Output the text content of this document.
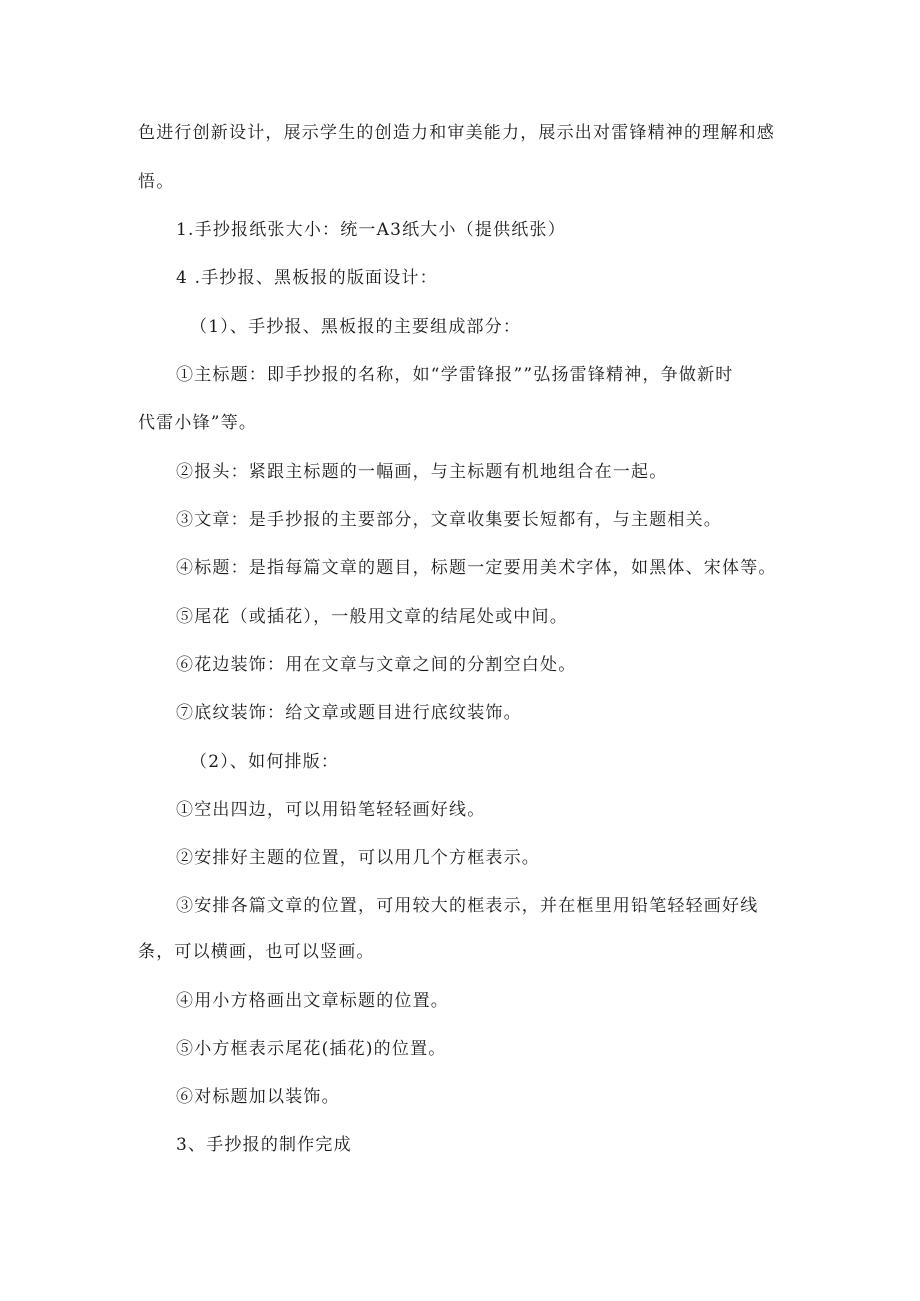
色进行创新设计，展示学生的创造力和审美能力，展示出对雷锋精神的理解和感
悟。
1.手抄报纸张大小：统一A3纸大小（提供纸张）
4 .手抄报、黑板报的版面设计：
（1）、手抄报、黑板报的主要组成部分：
①主标题：即手抄报的名称，如“学雷锋报””弘扬雷锋精神，争做新时
代雷小锋”等。
②报头：紧跟主标题的一幅画，与主标题有机地组合在一起。
③文章：是手抄报的主要部分，文章收集要长短都有，与主题相关。
④标题：是指每篇文章的题目，标题一定要用美术字体，如黑体、宋体等。
⑤尾花（或插花），一般用文章的结尾处或中间。
⑥花边装饰：用在文章与文章之间的分割空白处。
⑦底纹装饰：给文章或题目进行底纹装饰。
（2）、如何排版：
①空出四边，可以用铅笔轻轻画好线。
②安排好主题的位置，可以用几个方框表示。
③安排各篇文章的位置，可用较大的框表示，并在框里用铅笔轻轻画好线
条，可以横画，也可以竖画。
④用小方格画出文章标题的位置。
⑤小方框表示尾花(插花)的位置。
⑥对标题加以装饰。
3、手抄报的制作完成
